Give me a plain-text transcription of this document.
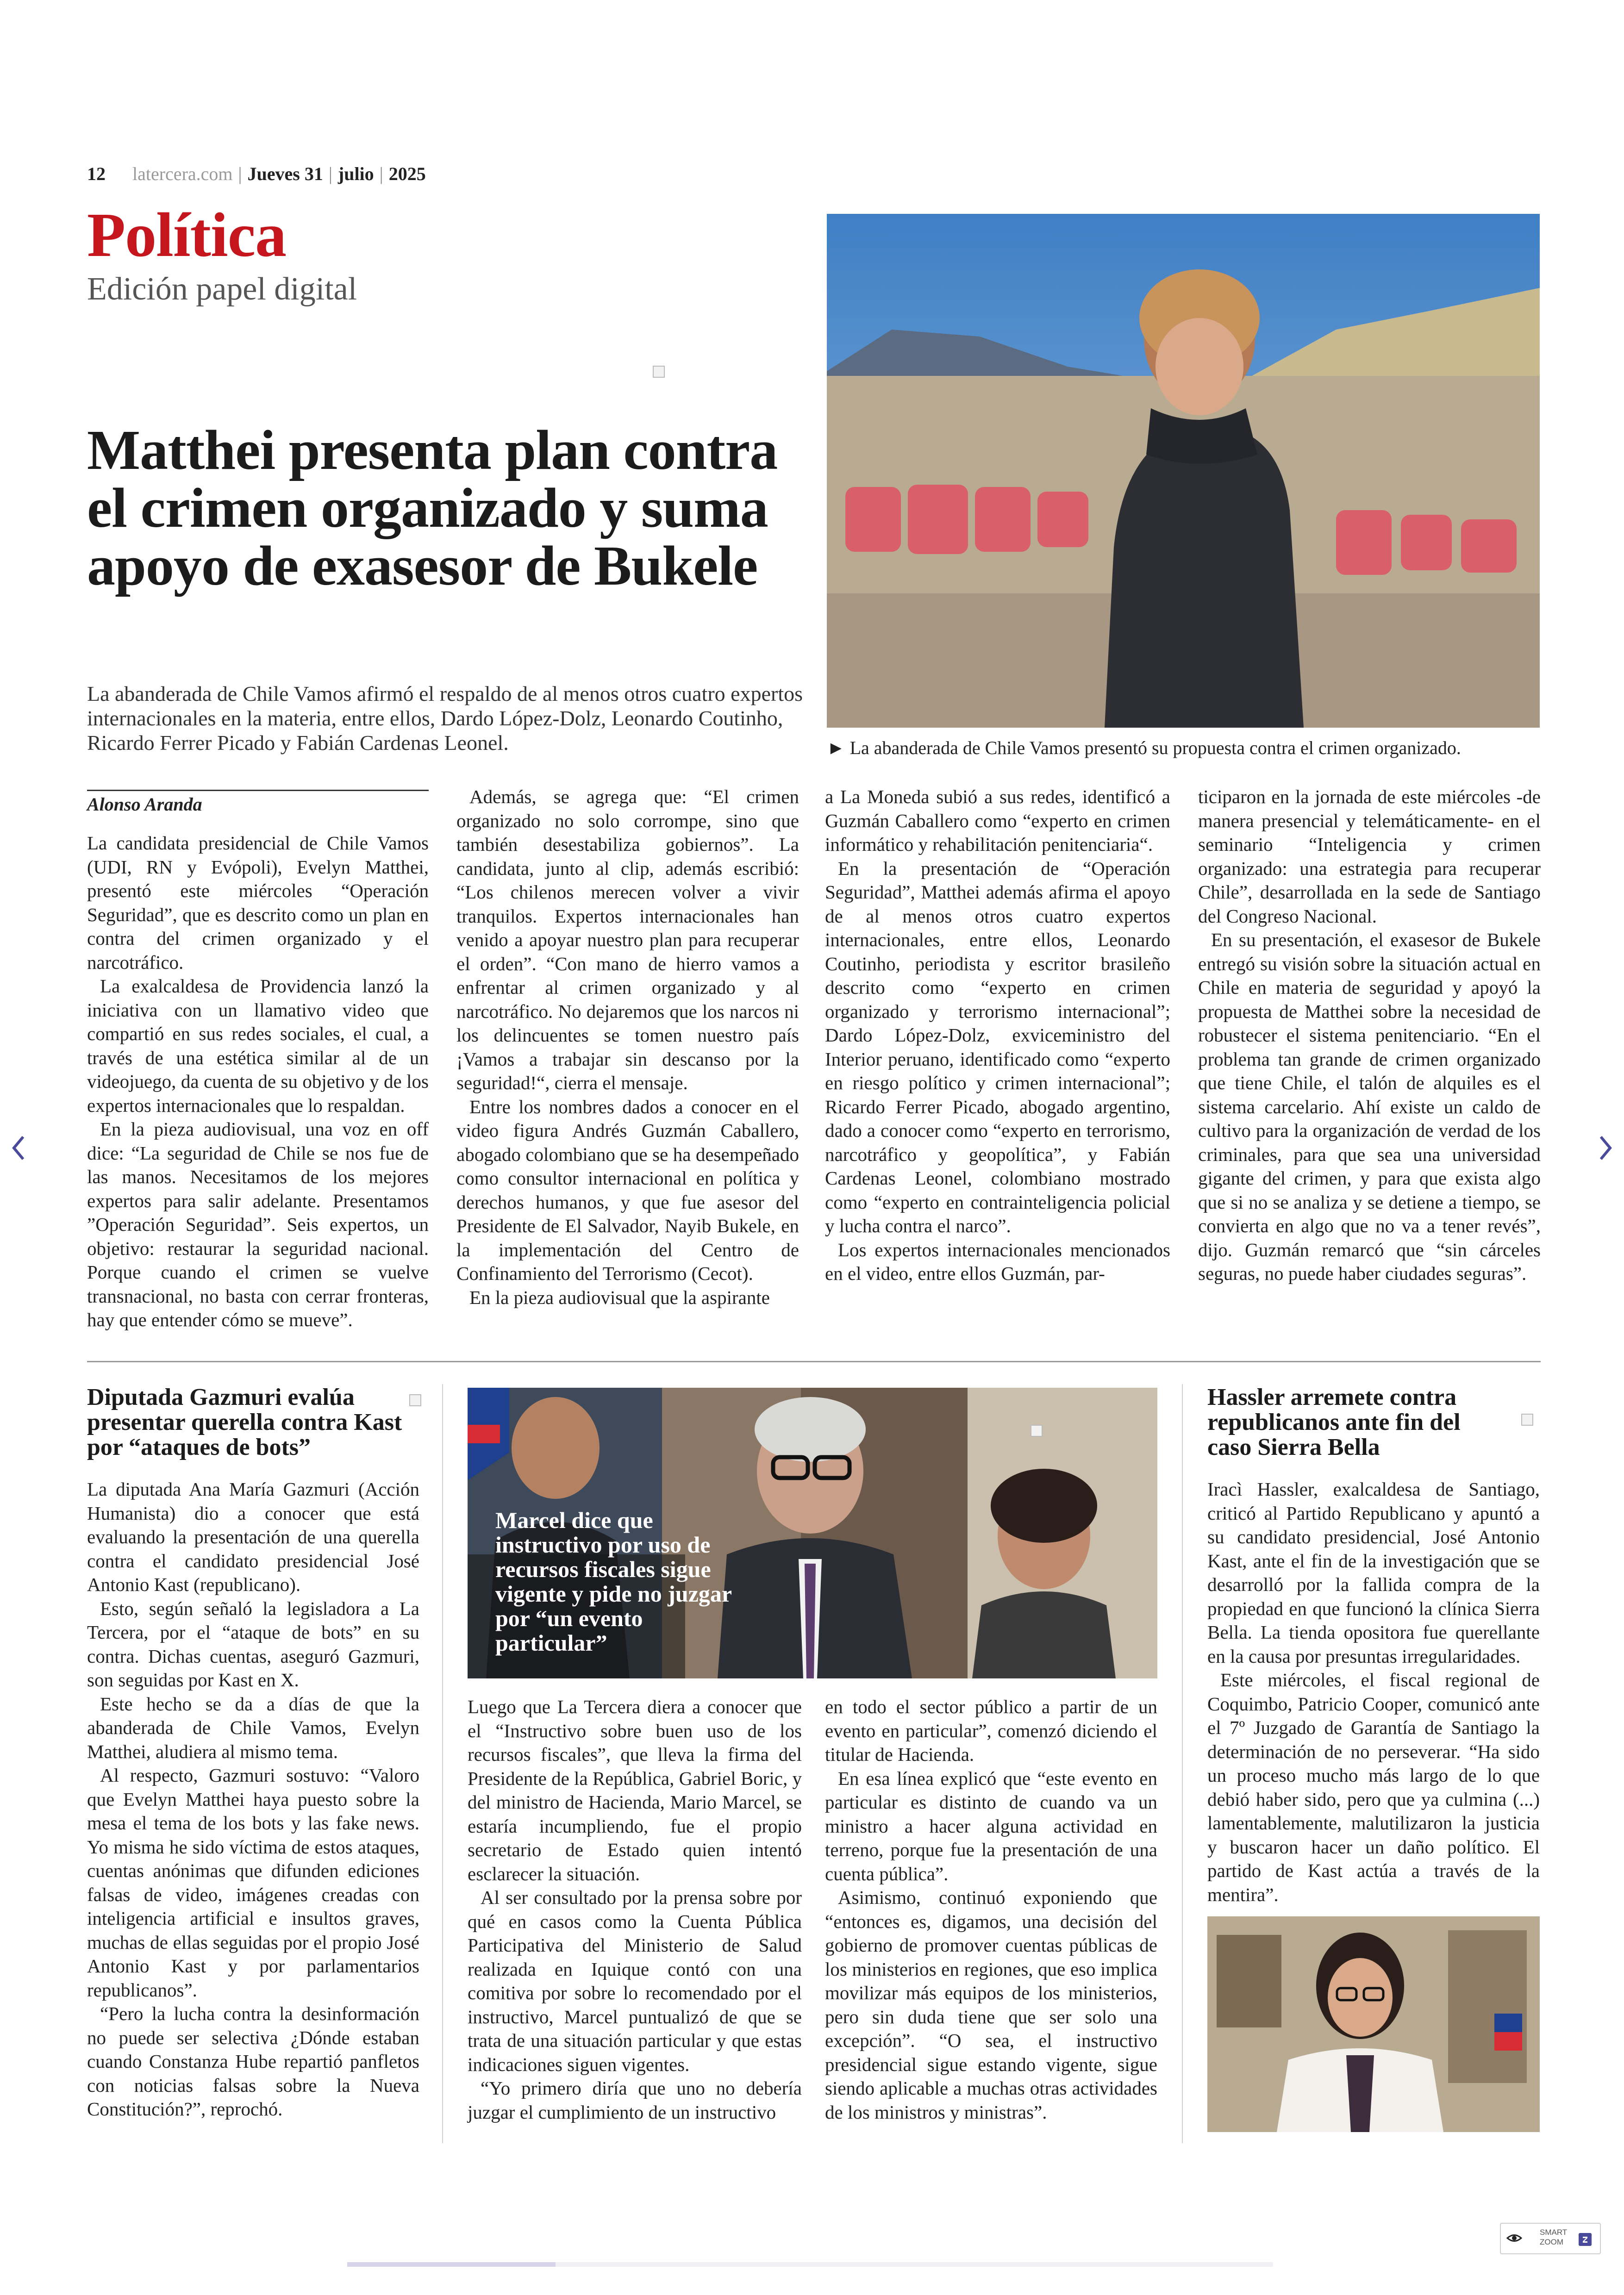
12 latercera.com | Jueves 31 | julio | 2025
Política
Edición papel digital
Matthei presenta plan contra el crimen organizado y suma apoyo de exasesor de Bukele
La abanderada de Chile Vamos afirmó el respaldo de al menos otros cuatro expertos internacionales en la materia, entre ellos, Dardo López-Dolz, Leonardo Coutinho, Ricardo Ferrer Picado y Fabián Cardenas Leonel.	► La abanderada de Chile Vamos presentó su propuesta contra el crimen organizado.
Alonso Aranda

La candidata presidencial de Chile Vamos (UDI, RN y Evópoli), Evelyn Matthei, presentó este miércoles “Operación Seguridad”, que es descrito como un plan en contra del crimen organizado y el narcotráfico.

La exalcaldesa de Providencia lanzó la iniciativa con un llamativo video que compartió en sus redes sociales, el cual, a través de una estética similar al de un videojuego, da cuenta de su objetivo y de los expertos internacionales que lo respaldan.

En la pieza audiovisual, una voz en off dice: “La seguridad de Chile se nos fue de las manos. Necesitamos de los mejores expertos para salir adelante. Presentamos ”Operación Seguridad”. Seis expertos, un objetivo: restaurar la seguridad nacional. Porque cuando el crimen se vuelve transnacional, no basta con cerrar fronteras, hay que entender cómo se mueve”.

Además, se agrega que: “El crimen organizado no solo corrompe, sino que también desestabiliza gobiernos”. La candidata, junto al clip, además escribió: “Los chilenos merecen volver a vivir tranquilos. Expertos internacionales han venido a apoyar nuestro plan para recuperar el orden”. “Con mano de hierro vamos a enfrentar al crimen organizado y al narcotráfico. No dejaremos que los narcos ni los delincuentes se tomen nuestro país ¡Vamos a trabajar sin descanso por la seguridad!“, cierra el mensaje.

Entre los nombres dados a conocer en el video figura Andrés Guzmán Caballero, abogado colombiano que se ha desempeñado como consultor internacional en política y derechos humanos, y que fue asesor del Presidente de El Salvador, Nayib Bukele, en la implementación del Centro de Confinamiento del Terrorismo (Cecot).

En la pieza audiovisual que la aspirante

a La Moneda subió a sus redes, identificó a Guzmán Caballero como “experto en crimen informático y rehabilitación penitenciaria“.

En la presentación de “Operación Seguridad”, Matthei además afirma el apoyo de al menos otros cuatro expertos internacionales, entre ellos, Leonardo Coutinho, periodista y escritor brasileño descrito como “experto en crimen organizado y terrorismo internacional”; Dardo López-Dolz, exviceministro del Interior peruano, identificado como “experto en riesgo político y crimen internacional”; Ricardo Ferrer Picado, abogado argentino, dado a conocer como “experto en terrorismo, narcotráfico y geopolítica”, y Fabián Cardenas Leonel, colombiano mostrado como “experto en contrainteligencia policial y lucha contra el narco”.

Los expertos internacionales mencionados en el video, entre ellos Guzmán, par-

ticiparon en la jornada de este miércoles -de manera presencial y telemáticamente- en el seminario “Inteligencia y crimen organizado: una estrategia para recuperar Chile”, desarrollada en la sede de Santiago del Congreso Nacional.

En su presentación, el exasesor de Bukele entregó su visión sobre la situación actual en Chile en materia de seguridad y apoyó la propuesta de Matthei sobre la necesidad de robustecer el sistema penitenciario. “En el problema tan grande de crimen organizado que tiene Chile, el talón de alquiles es el sistema carcelario. Ahí existe un caldo de cultivo para la organización de verdad de los criminales, para que sea una universidad gigante del crimen, y para que exista algo que si no se analiza y se detiene a tiempo, se convierta en algo que no va a tener revés”, dijo. Guzmán remarcó que “sin cárceles seguras, no puede haber ciudades seguras”.

Diputada Gazmuri evalúa presentar querella contra Kast por “ataques de bots”

La diputada Ana María Gazmuri (Acción Humanista) dio a conocer que está evaluando la presentación de una querella contra el candidato presidencial José Antonio Kast (republicano).

Esto, según señaló la legisladora a La Tercera, por el “ataque de bots” en su contra. Dichas cuentas, aseguró Gazmuri, son seguidas por Kast en X.

Este hecho se da a días de que la abanderada de Chile Vamos, Evelyn Matthei, aludiera al mismo tema.

Al respecto, Gazmuri sostuvo: “Valoro que Evelyn Matthei haya puesto sobre la mesa el tema de los bots y las fake news. Yo misma he sido víctima de estos ataques, cuentas anónimas que difunden ediciones falsas de video, imágenes creadas con inteligencia artificial e insultos graves, muchas de ellas seguidas por el propio José Antonio Kast y por parlamentarios republicanos”.

“Pero la lucha contra la desinformación no puede ser selectiva ¿Dónde estaban cuando Constanza Hube repartió panfletos con noticias falsas sobre la Nueva Constitución?”, reprochó.

Marcel dice que instructivo por uso de recursos fiscales sigue vigente y pide no juzgar por “un evento particular”

Luego que La Tercera diera a conocer que el “Instructivo sobre buen uso de los recursos fiscales”, que lleva la firma del Presidente de la República, Gabriel Boric, y del ministro de Hacienda, Mario Marcel, se estaría incumpliendo, fue el propio secretario de Estado quien intentó esclarecer la situación.

Al ser consultado por la prensa sobre por qué en casos como la Cuenta Pública Participativa del Ministerio de Salud realizada en Iquique contó con una comitiva por sobre lo recomendado por el instructivo, Marcel puntualizó de que se trata de una situación particular y que estas indicaciones siguen vigentes.

“Yo primero diría que uno no debería juzgar el cumplimiento de un instructivo

en todo el sector público a partir de un evento en particular”, comenzó diciendo el titular de Hacienda.

En esa línea explicó que “este evento en particular es distinto de cuando va un ministro a hacer alguna actividad en terreno, porque fue la presentación de una cuenta pública”.

Asimismo, continuó exponiendo que “entonces es, digamos, una decisión del gobierno de promover cuentas públicas de los ministerios en regiones, que eso implica movilizar más equipos de los ministerios, pero sin duda tiene que ser solo una excepción”. “O sea, el instructivo presidencial sigue estando vigente, sigue siendo aplicable a muchas otras actividades de los ministros y ministras”.

Hassler arremete contra republicanos ante fin del caso Sierra Bella

Iracì Hassler, exalcaldesa de Santiago, criticó al Partido Republicano y apuntó a su candidato presidencial, José Antonio Kast, ante el fin de la investigación que se desarrolló por la fallida compra de la propiedad en que funcionó la clínica Sierra Bella. La tienda opositora fue querellante en la causa por presuntas irregularidades.

Este miércoles, el fiscal regional de Coquimbo, Patricio Cooper, comunicó ante el 7º Juzgado de Garantía de Santiago la determinación de no perseverar. “Ha sido un proceso mucho más largo de lo que debió haber sido, pero que ya culmina (...) lamentablemente, malutilizaron la justicia y buscaron hacer un daño político. El partido de Kast actúa a través de la mentira”.

SMART
ZOOM
